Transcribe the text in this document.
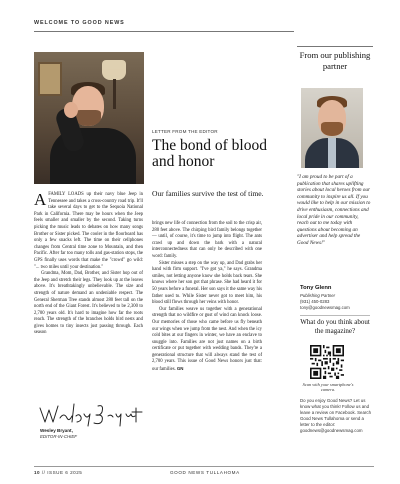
WELCOME TO GOOD NEWS
LETTER FROM THE EDITOR
The bond of blood and honor

Our families survive the test of time.

AFAMILY LOADS up their navy blue Jeep in Tennessee and takes a cross-country road trip. It'll take several days to get to the Sequoia National Park in California. There may be hours when the Jeep feels smaller and smaller by the second. Taking turns picking the music leads to debates on how many songs Brother or Sister picked. The cooler in the floorboard has only a few snacks left. The time on their cellphones changes from Central time zone to Mountain, and then Pacific. After far too many tolls and gas-station stops, the GPS finally uses words that make the "crowd" go wild: "... two miles until your destination."

Grandma, Mom, Dad, Brother, and Sister hop out of the Jeep and stretch their legs. They look up at the leaves above. It's breathtakingly unbelievable. The size and strength of nature demand an undeniable respect. The General Sherman Tree stands almost 280 feet tall on the north end of the Giant Forest. It's believed to be 2,300 to 2,700 years old. It's hard to imagine how far the roots reach. The strength of the branches holds bird nests and gives homes to tiny insects just passing through. Each season

brings new life of connection from the soil to the crisp air, 280 feet above. The chirping bird family belongs together — until, of course, it's time to jump into flight. The ants crawl up and down the bark with a natural interconnectedness that can only be described with one word: family.

Sister misses a step on the way up, and Dad grabs her hand with firm support. "I've got ya," he says. Grandma smiles, not letting anyone know she holds back tears. She knows where her son got that phrase. She had heard it for 50 years before a funeral. Her son says it the same way his father used to. While Sister never got to meet him, his blood still flows through her veins with honor.

Our families weave us together with a generational strength that no wildfire or gust of wind can knock loose. Our memories of those who came before us fly beneath our wings when we jump from the nest. And when the icy cold bites at our fingers in winter, we have an enclave to snuggle into. Families are not just names on a birth certificate or put together with wedding bands. They're a generational structure that will always stand the test of 2,700 years. This issue of Good News honors just that: our families. GN

Wesley Bryant,
EDITOR-IN-CHIEF
From our publishing partner

"I am proud to be part of a publication that shares uplifting stories about local heroes from our community to inspire us all. If you would like to help in our mission to drive enthusiasm, connections and local pride in our community, reach out to me today with questions about becoming an advertiser and help spread the Good News!"

Tony Glenn
Publishing Partner
(931) 450-0283
tony@goodnewsmag.com
What do you think about the magazine?
Scan with your smartphone's camera.

Do you enjoy Good News? Let us know what you think! Follow us and leave a review on Facebook. Search Good News Tullahoma or send a letter to the editor: goodnews@goodnewsmag.com

10 // ISSUE 6 2025	GOOD NEWS TULLAHOMA
